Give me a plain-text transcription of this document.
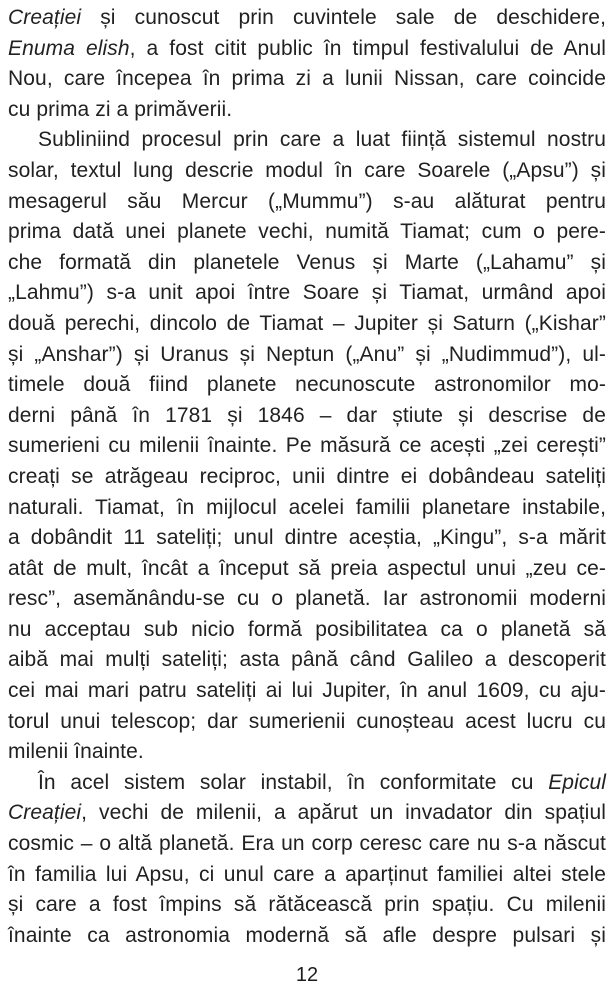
Creației și cunoscut prin cuvintele sale de deschidere,
Enuma elish, a fost citit public în timpul festivalului de Anul
Nou, care începea în prima zi a lunii Nissan, care coincide
cu prima zi a primăverii.
Subliniind procesul prin care a luat ființă sistemul nostru
solar, textul lung descrie modul în care Soarele („Apsu”) și
mesagerul său Mercur („Mummu”) s-au alăturat pentru
prima dată unei planete vechi, numită Tiamat; cum o pere-
che formată din planetele Venus și Marte („Lahamu” și
„Lahmu”) s-a unit apoi între Soare și Tiamat, urmând apoi
două perechi, dincolo de Tiamat – Jupiter și Saturn („Kishar”
și „Anshar”) și Uranus și Neptun („Anu” și „Nudimmud”), ul-
timele două fiind planete necunoscute astronomilor mo-
derni până în 1781 și 1846 – dar știute și descrise de
sumerieni cu milenii înainte. Pe măsură ce acești „zei cerești”
creați se atrăgeau reciproc, unii dintre ei dobândeau sateliți
naturali. Tiamat, în mijlocul acelei familii planetare instabile,
a dobândit 11 sateliți; unul dintre aceștia, „Kingu”, s-a mărit
atât de mult, încât a început să preia aspectul unui „zeu ce-
resc”, asemănându-se cu o planetă. Iar astronomii moderni
nu acceptau sub nicio formă posibilitatea ca o planetă să
aibă mai mulți sateliți; asta până când Galileo a descoperit
cei mai mari patru sateliți ai lui Jupiter, în anul 1609, cu aju-
torul unui telescop; dar sumerienii cunoșteau acest lucru cu
milenii înainte.
În acel sistem solar instabil, în conformitate cu Epicul
Creației, vechi de milenii, a apărut un invadator din spațiul
cosmic – o altă planetă. Era un corp ceresc care nu s-a născut
în familia lui Apsu, ci unul care a aparținut familiei altei stele
și care a fost împins să rătăcească prin spațiu. Cu milenii
înainte ca astronomia modernă să afle despre pulsari și
12
